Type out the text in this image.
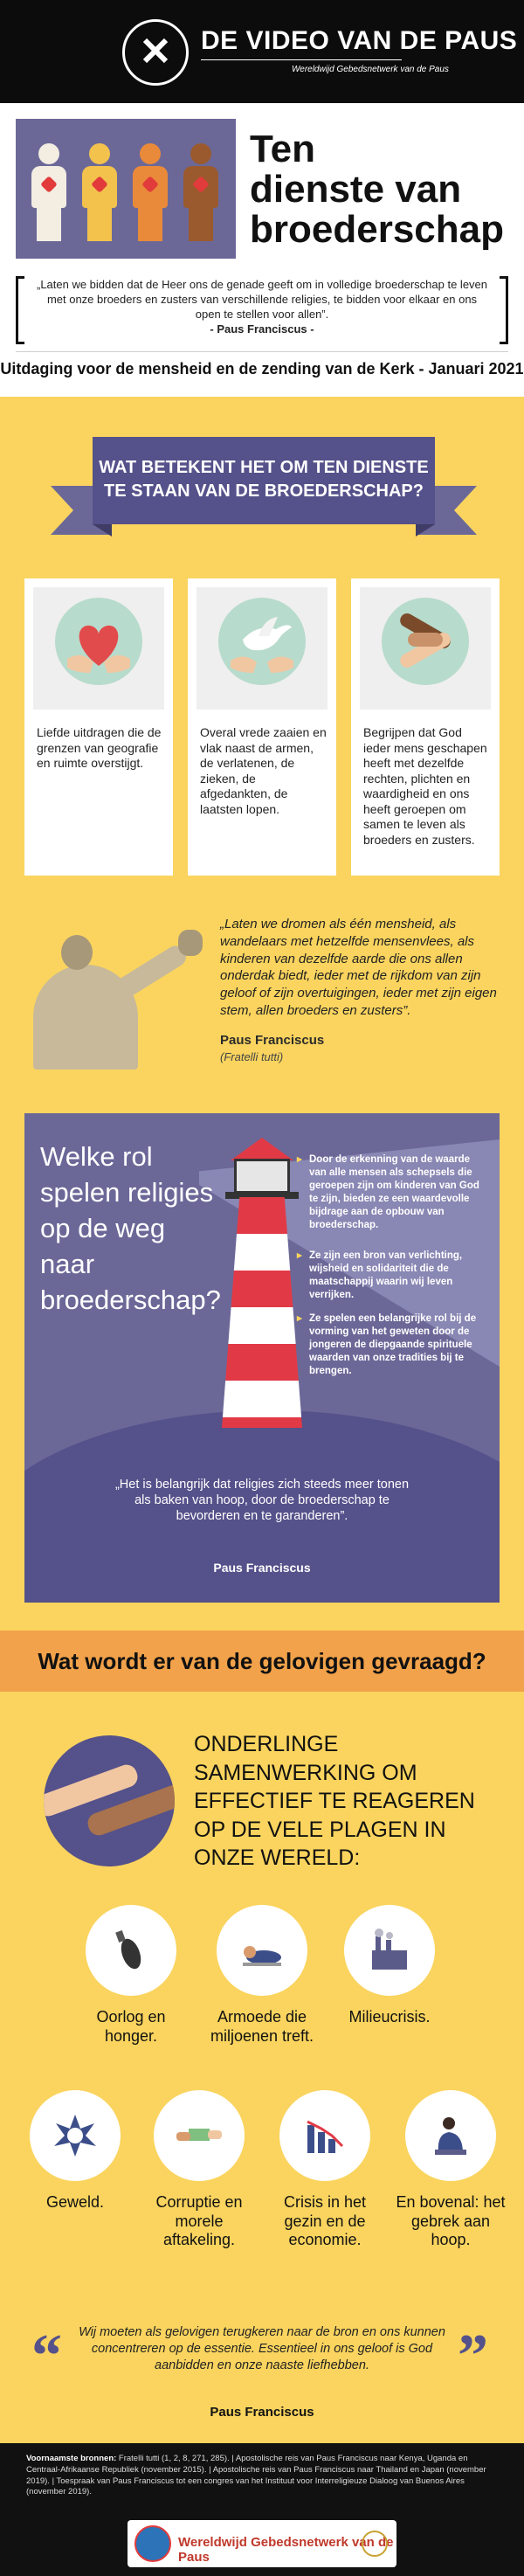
DE VIDEO VAN DE PAUS
Wereldwijd Gebedsnetwerk van de Paus
Ten
dienste van
broederschap
„Laten we bidden dat de Heer ons de genade geeft om in volledige broederschap te leven met onze broeders en zusters van verschillende religies, te bidden voor elkaar en ons open te stellen voor allen”.
- Paus Franciscus -
Uitdaging voor de mensheid en de zending van de Kerk - Januari 2021
WAT BETEKENT HET OM TEN DIENSTE
TE STAAN VAN DE BROEDERSCHAP?
Liefde uitdragen die de grenzen van geografie en ruimte overstijgt.
Overal vrede zaaien en vlak naast de armen, de verlatenen, de zieken, de afgedankten, de laatsten lopen.
Begrijpen dat God ieder mens geschapen heeft met dezelfde rechten, plichten en waardigheid en ons heeft geroepen om samen te leven als broeders en zusters.
„Laten we dromen als één mensheid, als wandelaars met hetzelfde mensenvlees, als kinderen van dezelfde aarde die ons allen onderdak biedt, ieder met de rijkdom van zijn geloof of zijn overtuigingen, ieder met zijn eigen stem, allen broeders en zusters”.
Paus Franciscus
(Fratelli tutti)
Welke rol spelen religies op de weg naar broederschap?
▸ Door de erkenning van de waarde van alle mensen als schepsels die geroepen zijn om kinderen van God te zijn, bieden ze een waardevolle bijdrage aan de opbouw van broederschap.
▸ Ze zijn een bron van verlichting, wijsheid en solidariteit die de maatschappij waarin wij leven verrijken.
▸ Ze spelen een belangrijke rol bij de vorming van het geweten door de jongeren de diepgaande spirituele waarden van onze tradities bij te brengen.
„Het is belangrijk dat religies zich steeds meer tonen als baken van hoop, door de broederschap te bevorderen en te garanderen”.
Paus Franciscus
Wat wordt er van de gelovigen gevraagd?
ONDERLINGE SAMENWERKING OM EFFECTIEF TE REAGEREN OP DE VELE PLAGEN IN ONZE WERELD:
Oorlog en honger.
Armoede die miljoenen treft.
Milieucrisis.
Geweld.	Corruptie en morele aftakeling.
Crisis in het gezin en de economie.
En bovenal: het gebrek aan hoop.
“	”
Wij moeten als gelovigen terugkeren naar de bron en ons kunnen concentreren op de essentie. Essentieel in ons geloof is God aanbidden en onze naaste liefhebben.
Paus Franciscus
Voornaamste bronnen: Fratelli tutti (1, 2, 8, 271, 285). | Apostolische reis van Paus Franciscus naar Kenya, Uganda en Centraal-Afrikaanse Republiek (november 2015). | Apostolische reis van Paus Franciscus naar Thailand en Japan (november 2019). | Toespraak van Paus Franciscus tot een congres van het Instituut voor Interreligieuze Dialoog van Buenos Aires (november 2019).
Wereldwijd Gebedsnetwerk van de Paus
